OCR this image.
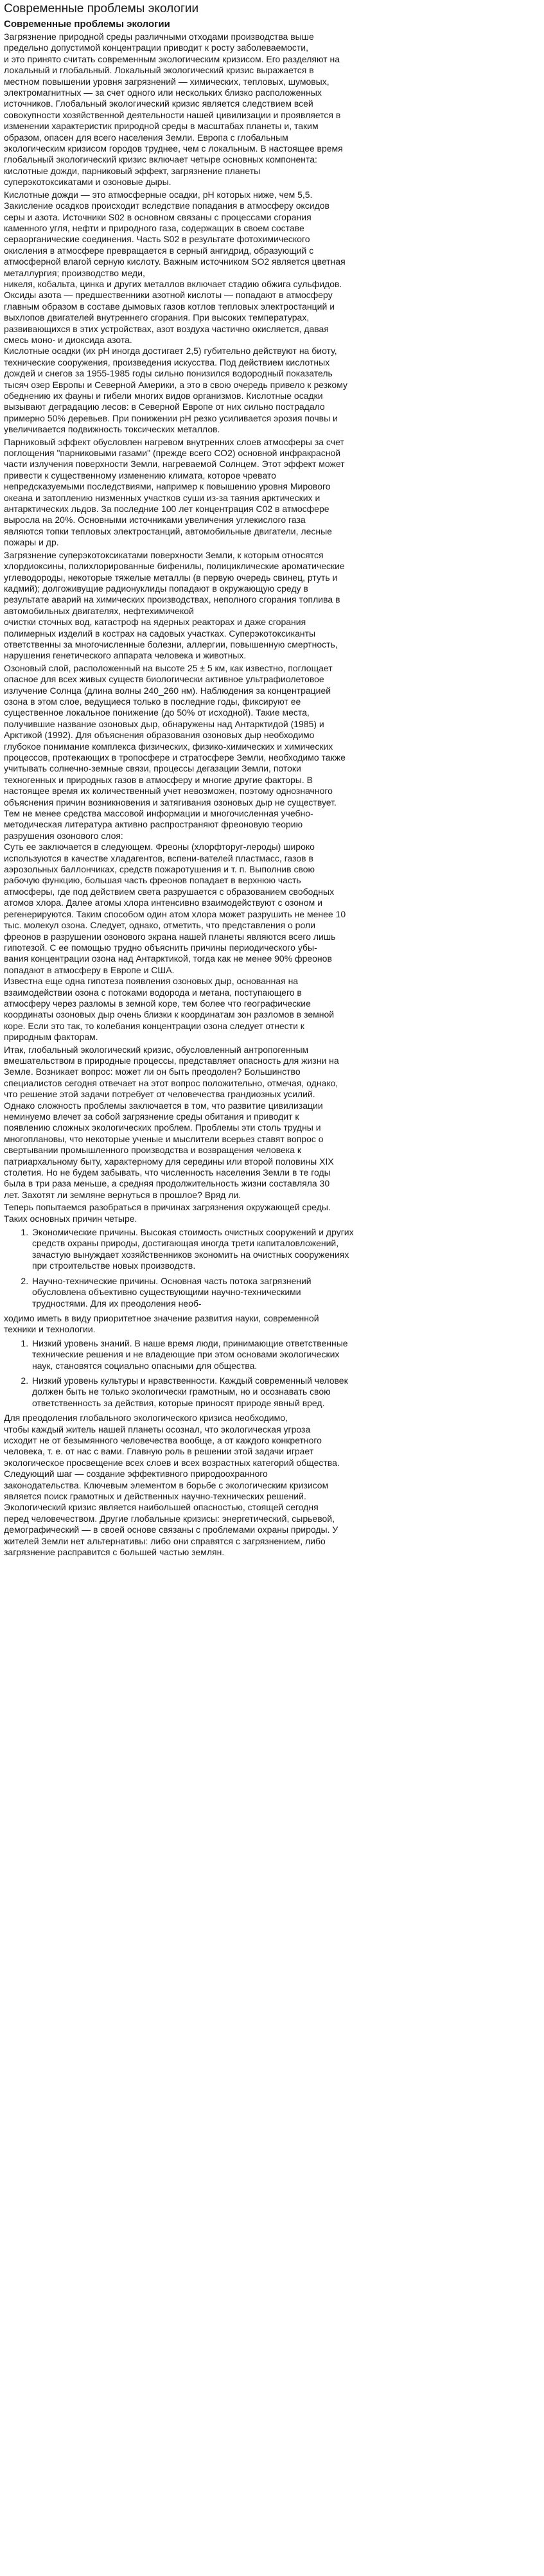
Современные проблемы экологии
Современные проблемы экологии

Загрязнение природной среды различными отходами производства выше
предельно допустимой концентрации приводит к росту заболеваемости,
и это принято считать современным экологическим кризисом. Его разделяют на
локальный и глобальный. Локальный экологический кризис выражается в
местном повышении уровня загрязнений — химических, тепловых, шумовых,
электромагнитных — за счет одного или нескольких близко расположенных
источников. Глобальный экологический кризис является следствием всей
совокупности хозяйственной деятельности нашей цивилизации и проявляется в
изменении характеристик природной среды в масштабах планеты и, таким
образом, опасен для всего населения Земли. Европа с глобальным
экологическим кризисом городов труднее, чем с локальным. В настоящее время
глобальный экологический кризис включает четыре основных компонента:
кислотные дожди, парниковый эффект, загрязнение планеты
суперэкотоксикатами и озоновые дыры.

Кислотные дожди — это атмосферные осадки, рН которых ниже, чем 5,5.
Закисление осадков происходит вследствие попадания в атмосферу оксидов
серы и азота. Источники S02 в основном связаны с процессами сгорания
каменного угля, нефти и природного газа, содержащих в своем составе
сераорганические соединения. Часть S02 в результате фотохимического
окисления в атмосфере превращается в серный ангидрид, образующий с
атмосферной влагой серную кислоту. Важным источником SO2 является цветная
металлургия; производство меди,
никеля, кобальта, цинка и других металлов включает стадию обжига сульфидов.
Оксиды азота — предшественники азотной кислоты — попадают в атмосферу
главным образом в составе дымовых газов котлов тепловых электростанций и
выхлопов двигателей внутреннего сгорания. При высоких температурах,
развивающихся в этих устройствах, азот воздуха частично окисляется, давая
смесь моно- и диоксида азота.
Кислотные осадки (их рН иногда достигает 2,5) губительно действуют на биоту,
технические сооружения, произведения искусства. Под действием кислотных
дождей и снегов за 1955-1985 годы сильно понизился водородный показатель
тысяч озер Европы и Северной Америки, а это в свою очередь привело к резкому
обеднению их фауны и гибели многих видов организмов. Кислотные осадки
вызывают деградацию лесов: в Северной Европе от них сильно пострадало
примерно 50% деревьев. При понижении рН резко усиливается эрозия почвы и
увеличивается подвижность токсических металлов.

Парниковый эффект обусловлен нагревом внутренних слоев атмосферы за счет
поглощения "парниковыми газами" (прежде всего СО2) основной инфракрасной
части излучения поверхности Земли, нагреваемой Солнцем. Этот эффект может
привести к существенному изменению климата, которое чревато
непредсказуемыми последствиями, например к повышению уровня Мирового
океана и затоплению низменных участков суши из-за таяния арктических и
антарктических льдов. За последние 100 лет концентрация С02 в атмосфере
выросла на 20%. Основными источниками увеличения углекислого газа
являются топки тепловых электростанций, автомобильные двигатели, лесные
пожары и др.

Загрязнение суперэкотоксикатами поверхности Земли, к которым относятся
хлордиоксины, полихлорированные бифенилы, полициклические ароматические
углеводороды, некоторые тяжелые металлы (в первую очередь свинец, ртуть и
кадмий); долгоживущие радионуклиды попадают в окружающую среду в
результате аварий на химических производствах, неполного сгорания топлива в
автомобильных двигателях, нефтехимичекой
очистки сточных вод, катастроф на ядерных реакторах и даже сгорания
полимерных изделий в кострах на садовых участках. Суперэкотоксиканты
ответственны за многочисленные болезни, аллергии, повышенную смертность,
нарушения генетического аппарата человека и животных.

Озоновый слой, расположенный на высоте 25 ± 5 км, как известно, поглощает
опасное для всех живых существ биологически активное ультрафиолетовое
излучение Солнца (длина волны 240_260 нм). Наблюдения за концентрацией
озона в этом слое, ведущиеся только в последние годы, фиксируют ее
существенное локальное понижение (до 50% от исходной). Такие места,
получившие название озоновых дыр, обнаружены над Антарктидой (1985) и
Арктикой (1992). Для объяснения образования озоновых дыр необходимо
глубокое понимание комплекса физических, физико-химических и химических
процессов, протекающих в тропосфере и стратосфере Земли, необходимо также
учитывать солнечно-земные связи, процессы дегазации Земли, потоки
техногенных и природных газов в атмосферу и многие другие факторы. В
настоящее время их количественный учет невозможен, поэтому однозначного
объяснения причин возникновения и затягивания озоновых дыр не существует.
Тем не менее средства массовой информации и многочисленная учебно-
методическая литература активно распространяют фреоновую теорию
разрушения озонового слоя:
Суть ее заключается в следующем. Фреоны (хлорфторуг-лероды) широко
используются в качестве хладагентов, вспени-вателей пластмасс, газов в
аэрозольных баллончиках, средств пожаротушения и т. п. Выполнив свою
рабочую функцию, большая часть фреонов попадает в верхнюю часть
атмосферы, где под действием света разрушается с образованием свободных
атомов хлора. Далее атомы хлора интенсивно взаимодействуют с озоном и
регенерируются. Таким способом один атом хлора может разрушить не менее 10
тыс. молекул озона. Следует, однако, отметить, что представления о роли
фреонов в разрушении озонового экрана нашей планеты являются всего лишь
гипотезой. С ее помощью трудно объяснить причины периодического убы-
вания концентрации озона над Антарктикой, тогда как не менее 90% фреонов
попадают в атмосферу в Европе и США.
Известна еще одна гипотеза появления озоновых дыр, основанная на
взаимодействии озона с потоками водорода и метана, поступающего в
атмосферу через разломы в земной коре, тем более что географические
координаты озоновых дыр очень близки к координатам зон разломов в земной
коре. Если это так, то колебания концентрации озона следует отнести к
природным факторам.

Итак, глобальный экологический кризис, обусловленный антропогенным
вмешательством в природные процессы, представляет опасность для жизни на
Земле. Возникает вопрос: может ли он быть преодолен? Большинство
специалистов сегодня отвечает на этот вопрос положительно, отмечая, однако,
что решение этой задачи потребует от человечества грандиозных усилий.
Однако сложность проблемы заключается в том, что развитие цивилизации
неминуемо влечет за собой загрязнение среды обитания и приводит к
появлению сложных экологических проблем. Проблемы эти столь трудны и
многоплановы, что некоторые ученые и мыслители всерьез ставят вопрос о
свертывании промышленного производства и возвращения человека к
патриархальному быту, характерному для середины или второй половины XIX
столетия. Но не будем забывать, что численность населения Земли в те годы
была в три раза меньше, а средняя продолжительность жизни составляла 30
лет. Захотят ли земляне вернуться в прошлое? Вряд ли.

Теперь попытаемся разобраться в причинах загрязнения окружающей среды.
Таких основных причин четыре.

1. Экономические причины. Высокая стоимость очистных сооружений и других
средств охраны природы, достигающая иногда трети капиталовложений,
зачастую вынуждает хозяйственников экономить на очистных сооружениях
при строительстве новых производств.
2. Научно-технические причины. Основная часть потока загрязнений
обусловлена объективно существующими научно-техническими
трудностями. Для их преодоления необ-

ходимо иметь в виду приоритетное значение развития науки, современной
техники и технологии.

1. Низкий уровень знаний. В наше время люди, принимающие ответственные
технические решения и не владеющие при этом основами экологических
наук, становятся социально опасными для общества.
2. Низкий уровень культуры и нравственности. Каждый современный человек
должен быть не только экологически грамотным, но и осознавать свою
ответственность за действия, которые приносят природе явный вред.

Для преодоления глобального экологического кризиса необходимо,
чтобы каждый житель нашей планеты осознал, что экологическая угроза
исходит не от безымянного человечества вообще, а от каждого конкретного
человека, т. е. от нас с вами. Главную роль в решении этой задачи играет
экологическое просвещение всех слоев и всех возрастных категорий общества.
Следующий шаг — создание эффективного природоохранного
законодательства. Ключевым элементом в борьбе с экологическим кризисом
является поиск грамотных и действенных научно-технических решений.
Экологический кризис является наибольшей опасностью, стоящей сегодня
перед человечеством. Другие глобальные кризисы: энергетический, сырьевой,
демографический — в своей основе связаны с проблемами охраны природы. У
жителей Земли нет альтернативы: либо они справятся с загрязнением, либо
загрязнение расправится с большей частью землян.
